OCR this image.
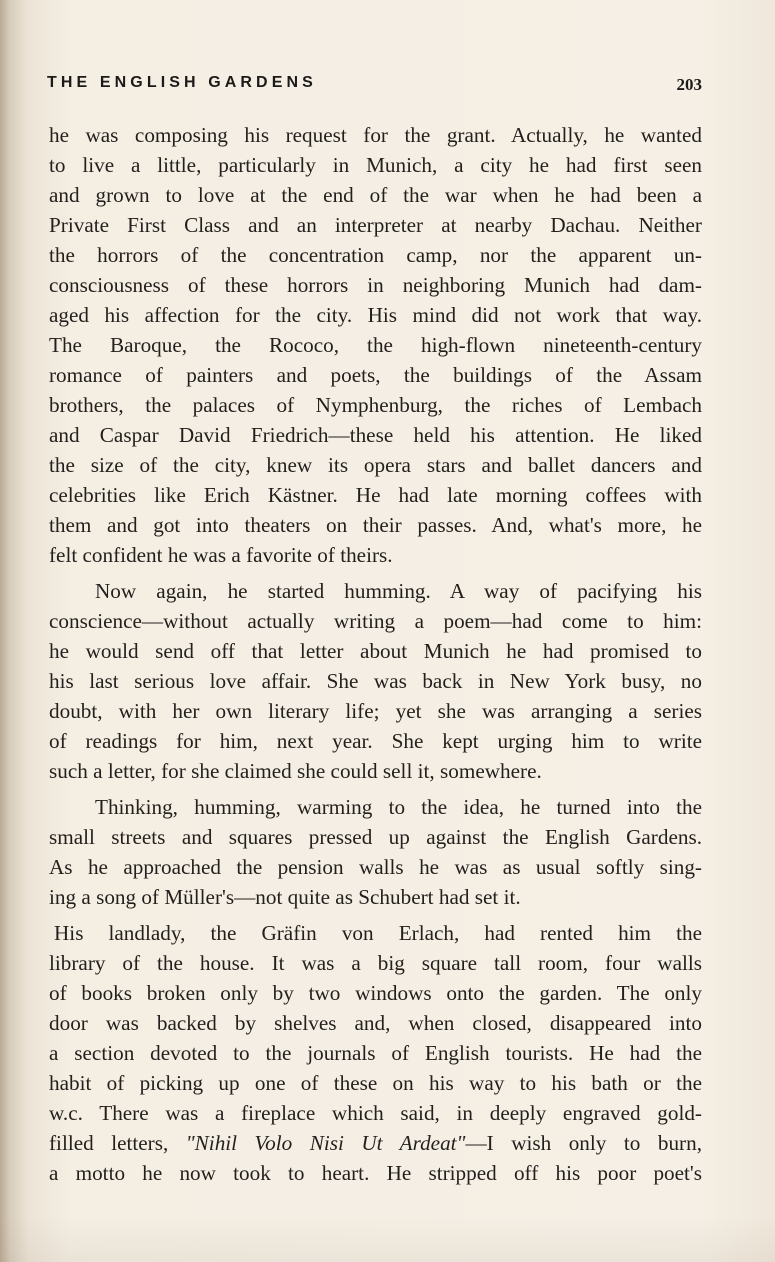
THE ENGLISH GARDENS	203
he was composing his request for the grant. Actually, he wanted
to live a little, particularly in Munich, a city he had first seen
and grown to love at the end of the war when he had been a
Private First Class and an interpreter at nearby Dachau. Neither
the horrors of the concentration camp, nor the apparent un-
consciousness of these horrors in neighboring Munich had dam-
aged his affection for the city. His mind did not work that way.
The Baroque, the Rococo, the high-flown nineteenth-century
romance of painters and poets, the buildings of the Assam
brothers, the palaces of Nymphenburg, the riches of Lembach
and Caspar David Friedrich—these held his attention. He liked
the size of the city, knew its opera stars and ballet dancers and
celebrities like Erich Kästner. He had late morning coffees with
them and got into theaters on their passes. And, what's more, he
felt confident he was a favorite of theirs.
Now again, he started humming. A way of pacifying his
conscience—without actually writing a poem—had come to him:
he would send off that letter about Munich he had promised to
his last serious love affair. She was back in New York busy, no
doubt, with her own literary life; yet she was arranging a series
of readings for him, next year. She kept urging him to write
such a letter, for she claimed she could sell it, somewhere.
Thinking, humming, warming to the idea, he turned into the
small streets and squares pressed up against the English Gardens.
As he approached the pension walls he was as usual softly sing-
ing a song of Müller's—not quite as Schubert had set it.
His landlady, the Gräfin von Erlach, had rented him the
library of the house. It was a big square tall room, four walls
of books broken only by two windows onto the garden. The only
door was backed by shelves and, when closed, disappeared into
a section devoted to the journals of English tourists. He had the
habit of picking up one of these on his way to his bath or the
w.c. There was a fireplace which said, in deeply engraved gold-
filled letters, "Nihil Volo Nisi Ut Ardeat"—I wish only to burn,
a motto he now took to heart. He stripped off his poor poet's
